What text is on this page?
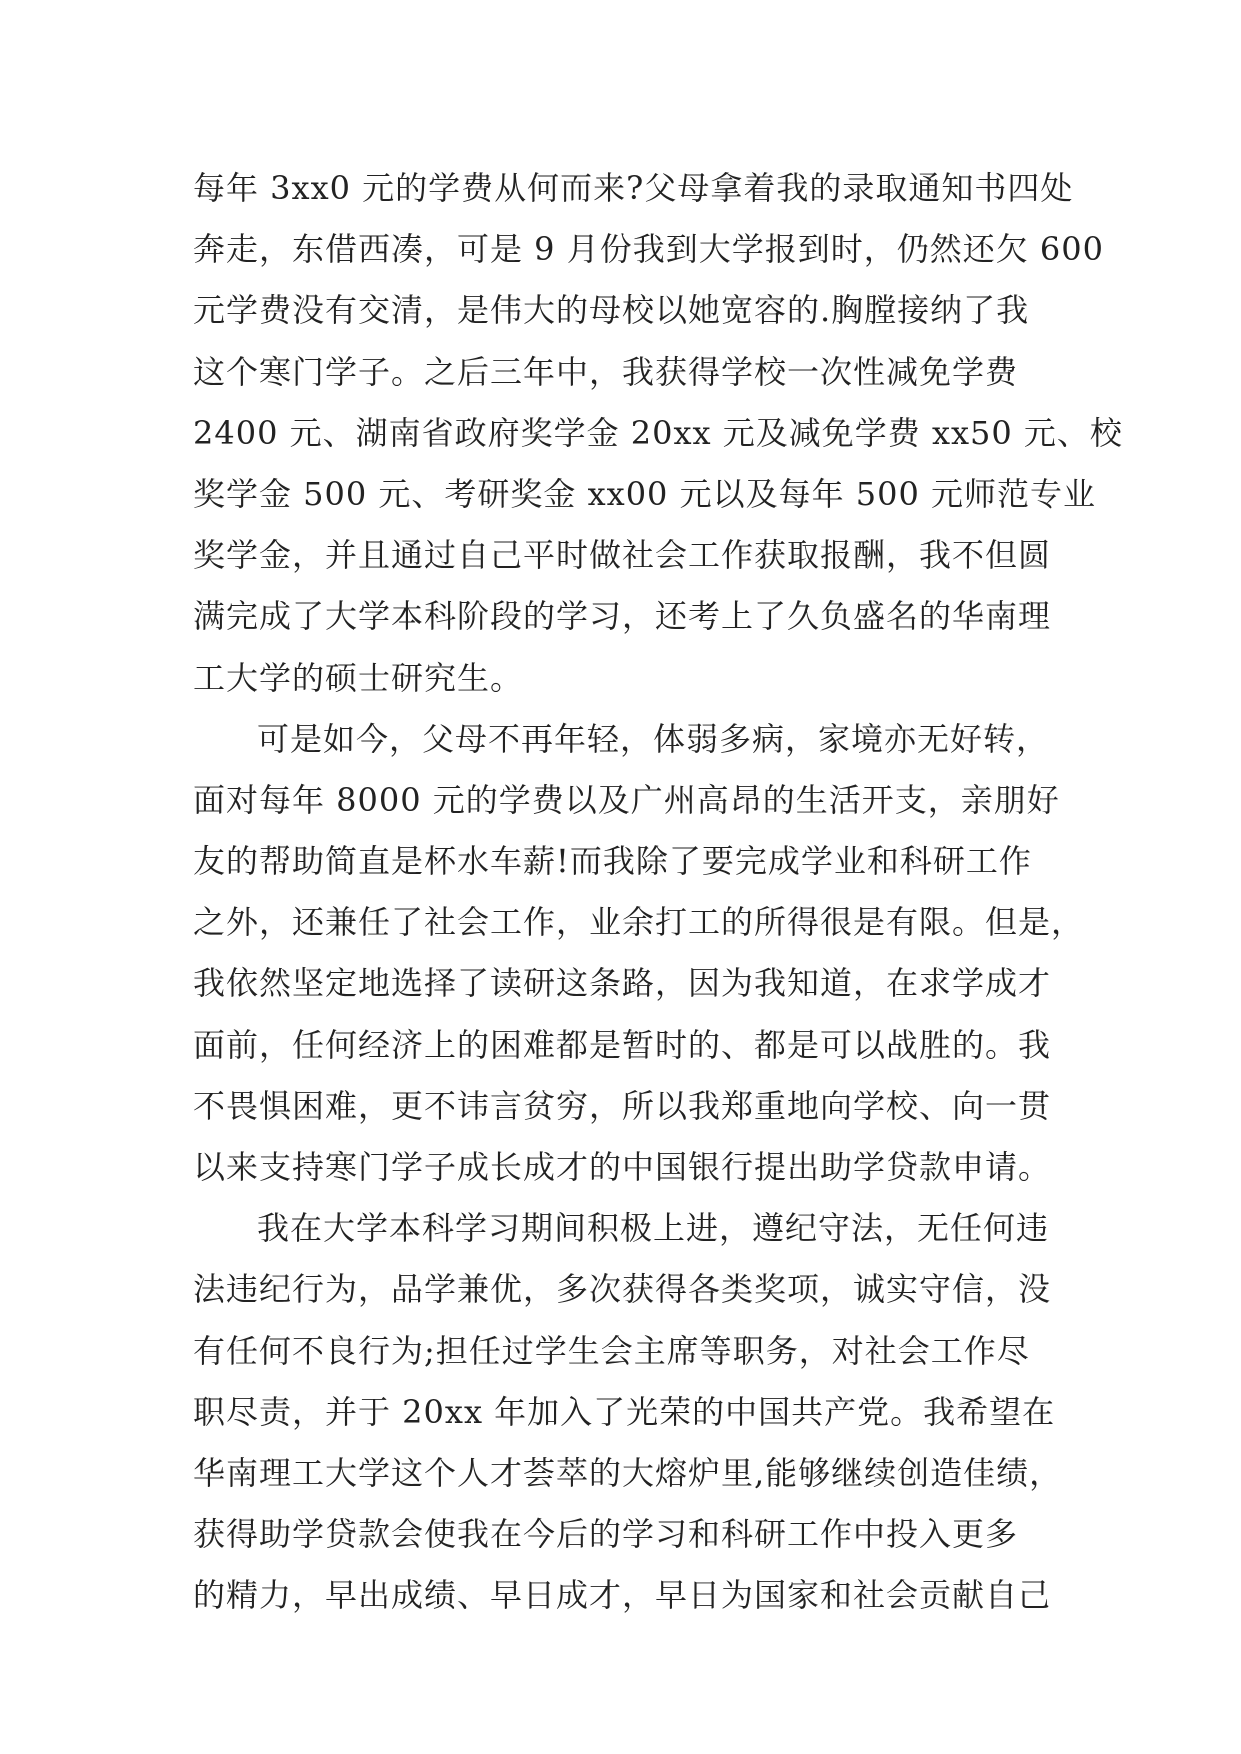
每年 3xx0 元的学费从何而来?父母拿着我的录取通知书四处
奔走，东借西凑，可是 9 月份我到大学报到时，仍然还欠 600
元学费没有交清，是伟大的母校以她宽容的.胸膛接纳了我
这个寒门学子。之后三年中，我获得学校一次性减免学费
2400 元、湖南省政府奖学金 20xx 元及减免学费 xx50 元、校
奖学金 500 元、考研奖金 xx00 元以及每年 500 元师范专业
奖学金，并且通过自己平时做社会工作获取报酬，我不但圆
满完成了大学本科阶段的学习，还考上了久负盛名的华南理
工大学的硕士研究生。
可是如今，父母不再年轻，体弱多病，家境亦无好转，
面对每年 8000 元的学费以及广州高昂的生活开支，亲朋好
友的帮助简直是杯水车薪!而我除了要完成学业和科研工作
之外，还兼任了社会工作，业余打工的所得很是有限。但是，
我依然坚定地选择了读研这条路，因为我知道，在求学成才
面前，任何经济上的困难都是暂时的、都是可以战胜的。我
不畏惧困难，更不讳言贫穷，所以我郑重地向学校、向一贯
以来支持寒门学子成长成才的中国银行提出助学贷款申请。
我在大学本科学习期间积极上进，遵纪守法，无任何违
法违纪行为，品学兼优，多次获得各类奖项，诚实守信，没
有任何不良行为;担任过学生会主席等职务，对社会工作尽
职尽责，并于 20xx 年加入了光荣的中国共产党。我希望在
华南理工大学这个人才荟萃的大熔炉里,能够继续创造佳绩，
获得助学贷款会使我在今后的学习和科研工作中投入更多
的精力，早出成绩、早日成才，早日为国家和社会贡献自己
